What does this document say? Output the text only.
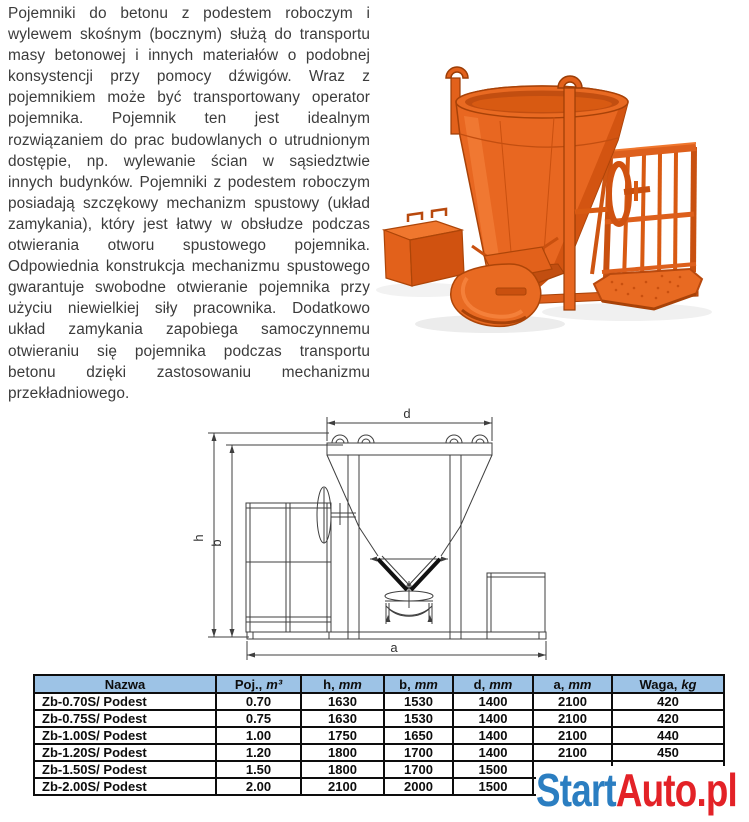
Pojemniki do betonu z podestem roboczym i wylewem skośnym (bocznym) służą do transportu masy betonowej i innych materiałów o podobnej konsystencji przy pomocy dźwigów. Wraz z pojemnikiem może być transportowany operator pojemnika. Pojemnik ten jest idealnym rozwiązaniem do prac budowlanych o utrudnionym dostępie, np. wylewanie ścian w sąsiedztwie innych budynków. Pojemniki z podestem roboczym posiadają szczękowy mechanizm spustowy (układ zamykania), który jest łatwy w obsłudze podczas otwierania otworu spustowego pojemnika. Odpowiednia konstrukcja mechanizmu spustowego gwarantuje swobodne otwieranie pojemnika przy użyciu niewielkiej siły pracownika. Dodatkowo układ zamykania zapobiega samoczynnemu otwieraniu się pojemnika podczas transportu betonu dzięki zastosowaniu mechanizmu przekładniowego.

d
h
b
a
Nazwa	Poj., m³	h, mm	b, mm	d, mm	a, mm	Waga, kg
Zb-0.70S/ Podest	0.70	1630	1530	1400	2100	420
Zb-0.75S/ Podest	0.75	1630	1530	1400	2100	420
Zb-1.00S/ Podest	1.00	1750	1650	1400	2100	440
Zb-1.20S/ Podest	1.20	1800	1700	1400	2100	450
Zb-1.50S/ Podest	1.50	1800	1700	1500		
Zb-2.00S/ Podest	2.00	2100	2000	1500		StartAuto.pl
